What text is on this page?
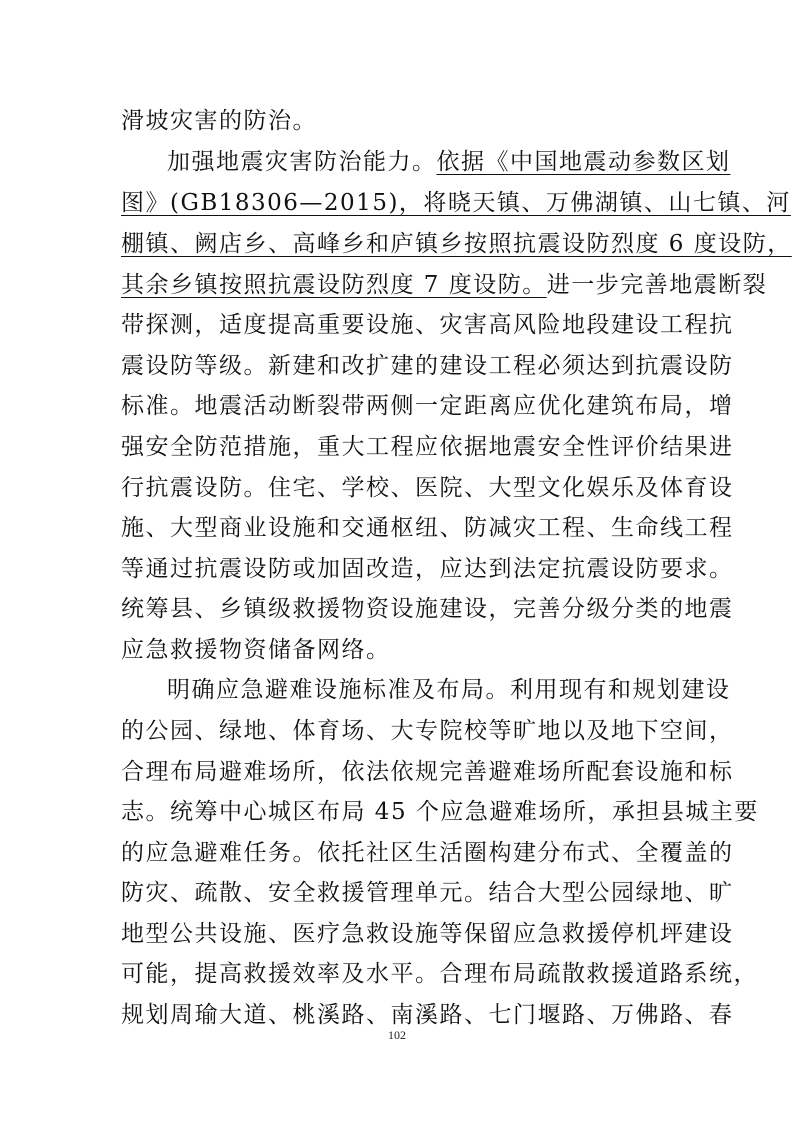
滑坡灾害的防治。
加强地震灾害防治能力。依据《中国地震动参数区划
图》(GB18306—2015)，将晓天镇、万佛湖镇、山七镇、河
棚镇、阙店乡、高峰乡和庐镇乡按照抗震设防烈度 6 度设防，
其余乡镇按照抗震设防烈度 7 度设防。进一步完善地震断裂
带探测，适度提高重要设施、灾害高风险地段建设工程抗
震设防等级。新建和改扩建的建设工程必须达到抗震设防
标准。地震活动断裂带两侧一定距离应优化建筑布局，增
强安全防范措施，重大工程应依据地震安全性评价结果进
行抗震设防。住宅、学校、医院、大型文化娱乐及体育设
施、大型商业设施和交通枢纽、防减灾工程、生命线工程
等通过抗震设防或加固改造，应达到法定抗震设防要求。
统筹县、乡镇级救援物资设施建设，完善分级分类的地震
应急救援物资储备网络。
明确应急避难设施标准及布局。利用现有和规划建设
的公园、绿地、体育场、大专院校等旷地以及地下空间，
合理布局避难场所，依法依规完善避难场所配套设施和标
志。统筹中心城区布局 45 个应急避难场所，承担县城主要
的应急避难任务。依托社区生活圈构建分布式、全覆盖的
防灾、疏散、安全救援管理单元。结合大型公园绿地、旷
地型公共设施、医疗急救设施等保留应急救援停机坪建设
可能，提高救援效率及水平。合理布局疏散救援道路系统，
规划周瑜大道、桃溪路、南溪路、七门堰路、万佛路、春
102
